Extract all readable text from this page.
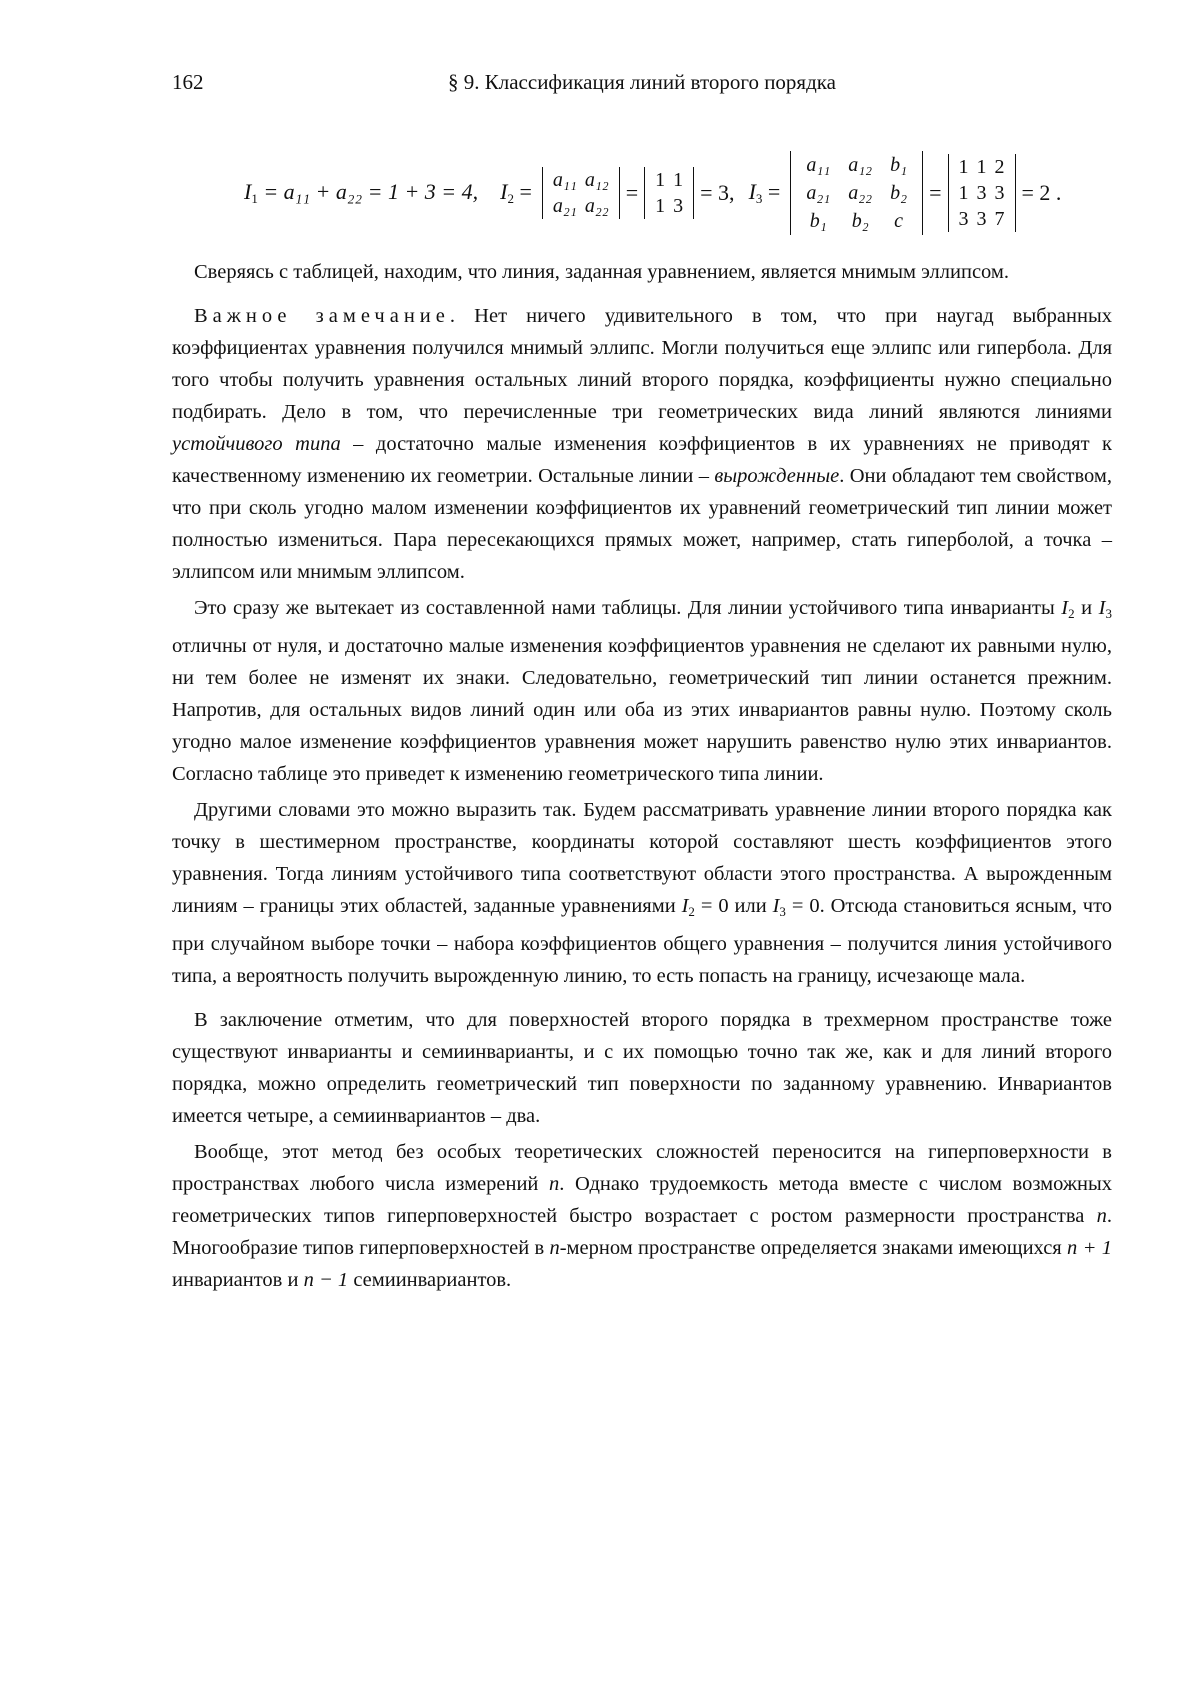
162	§ 9. Классификация линий второго порядка
$I_1 = a_{11} + a_{22} = 1 + 3 = 4$, $I_2 = a_{11}$	a₁₂
a₂₁	a₂₂
= 1	1
1	3
= 3, $I_3$ =
a₁₁	a₁₂	b₁
a₂₁	a₂₂	b₂
b₁	b₂	c
=
1	1	2
1	3	3
3	3	7
= 2 .

Сверяясь с таблицей, находим, что линия, заданная уравнением, является мнимым эллипсом.

Важное замечание. Нет ничего удивительного в том, что при наугад выбранных коэффициентах уравнения получился мнимый эллипс. Могли получиться еще эллипс или гипербола. Для того чтобы получить уравнения остальных линий второго порядка, коэффициенты нужно специально подбирать. Дело в том, что перечисленные три геометрических вида линий являются линиями устойчивого типа – достаточно малые изменения коэффициентов в их уравнениях не приводят к качественному изменению их геометрии. Остальные линии – вырожденные. Они обладают тем свойством, что при сколь угодно малом изменении коэффициентов их уравнений геометрический тип линии может полностью измениться. Пара пересекающихся прямых может, например, стать гиперболой, а точка – эллипсом или мнимым эллипсом.

Это сразу же вытекает из составленной нами таблицы. Для линии устойчивого типа инварианты $I_2$ и $I_3$ отличны от нуля, и достаточно малые изменения коэффициентов уравнения не сделают их равными нулю, ни тем более не изменят их знаки. Следовательно, геометрический тип линии останется прежним. Напротив, для остальных видов линий один или оба из этих инвариантов равны нулю. Поэтому сколь угодно малое изменение коэффициентов уравнения может нарушить равенство нулю этих инвариантов. Согласно таблице это приведет к изменению геометрического типа линии.

Другими словами это можно выразить так. Будем рассматривать уравнение линии второго порядка как точку в шестимерном пространстве, координаты которой составляют шесть коэффициентов этого уравнения. Тогда линиям устойчивого типа соответствуют области этого пространства. А вырожденным линиям – границы этих областей, заданные уравнениями $I_2 = 0$ или $I_3 = 0$. Отсюда становиться ясным, что при случайном выборе точки – набора коэффициентов общего уравнения – получится линия устойчивого типа, а вероятность получить вырожденную линию, то есть попасть на границу, исчезающе мала.

В заключение отметим, что для поверхностей второго порядка в трехмерном пространстве тоже существуют инварианты и семиинварианты, и с их помощью точно так же, как и для линий второго порядка, можно определить геометрический тип поверхности по заданному уравнению. Инвариантов имеется четыре, а семиинвариантов – два.

Вообще, этот метод без особых теоретических сложностей переносится на гиперповерхности в пространствах любого числа измерений n. Однако трудоемкость метода вместе с числом возможных геометрических типов гиперповерхностей быстро возрастает с ростом размерности пространства n. Многообразие типов гиперповерхностей в n-мерном пространстве определяется знаками имеющихся n + 1 инвариантов и n − 1 семиинвариантов.
